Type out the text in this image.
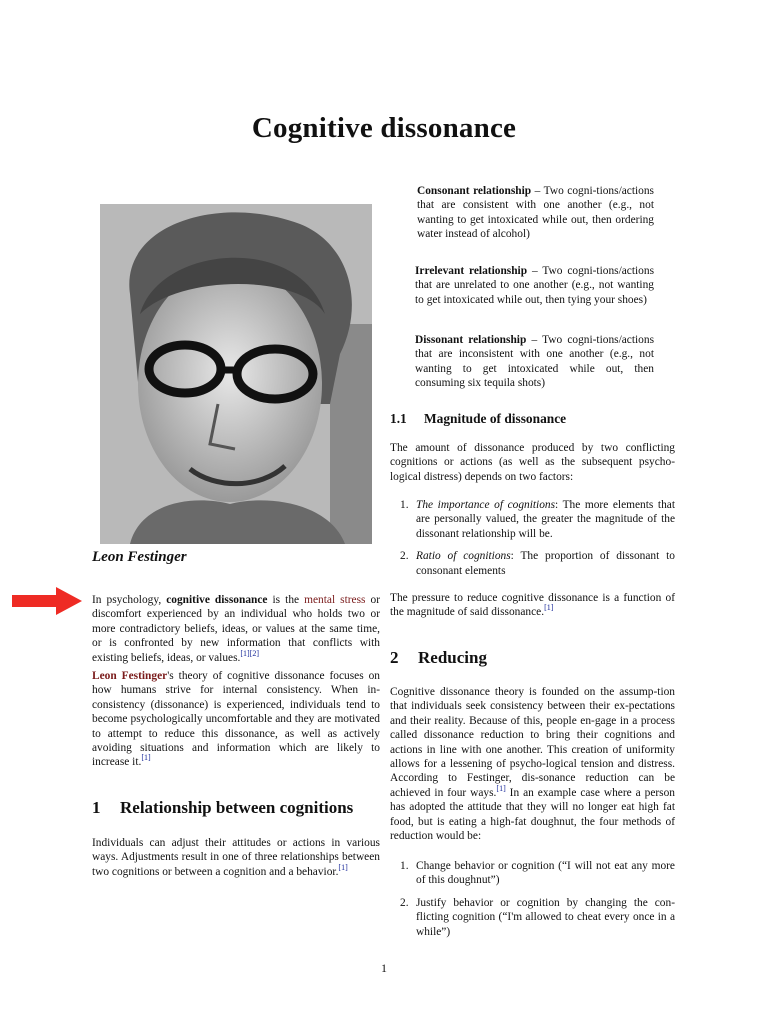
Cognitive dissonance
Leon Festinger

In psychology, cognitive dissonance is the mental stress or discomfort experienced by an individual who holds two or more contradictory beliefs, ideas, or values at the same time, or is confronted by new information that conflicts with existing beliefs, ideas, or values.[1][2]

Leon Festinger's theory of cognitive dissonance focuses on how humans strive for internal consistency. When in-consistency (dissonance) is experienced, individuals tend to become psychologically uncomfortable and they are motivated to attempt to reduce this dissonance, as well as actively avoiding situations and information which are likely to increase it.[1]

1 Relationship between cognitions

Individuals can adjust their attitudes or actions in various ways. Adjustments result in one of three relationships between two cognitions or between a cognition and a behavior.[1]

Consonant relationship – Two cogni-tions/actions that are consistent with one another (e.g., not wanting to get intoxicated while out, then ordering water instead of alcohol)

Irrelevant relationship – Two cogni-tions/actions that are unrelated to one another (e.g., not wanting to get intoxicated while out, then tying your shoes)

Dissonant relationship – Two cogni-tions/actions that are inconsistent with one another (e.g., not wanting to get intoxicated while out, then consuming six tequila shots)

1.1 Magnitude of dissonance

The amount of dissonance produced by two conflicting cognitions or actions (as well as the subsequent psycho-logical distress) depends on two factors:

1. The importance of cognitions: The more elements that are personally valued, the greater the magnitude of the dissonant relationship will be.
2. Ratio of cognitions: The proportion of dissonant to consonant elements

The pressure to reduce cognitive dissonance is a function of the magnitude of said dissonance.[1]

2 Reducing

Cognitive dissonance theory is founded on the assump-tion that individuals seek consistency between their ex-pectations and their reality. Because of this, people en-gage in a process called dissonance reduction to bring their cognitions and actions in line with one another. This creation of uniformity allows for a lessening of psycho-logical tension and distress. According to Festinger, dis-sonance reduction can be achieved in four ways.[1] In an example case where a person has adopted the attitude that they will no longer eat high fat food, but is eating a high-fat doughnut, the four methods of reduction would be:

1. Change behavior or cognition (“I will not eat any more of this doughnut”)
2. Justify behavior or cognition by changing the con-flicting cognition (“I'm allowed to cheat every once in a while”)
1
